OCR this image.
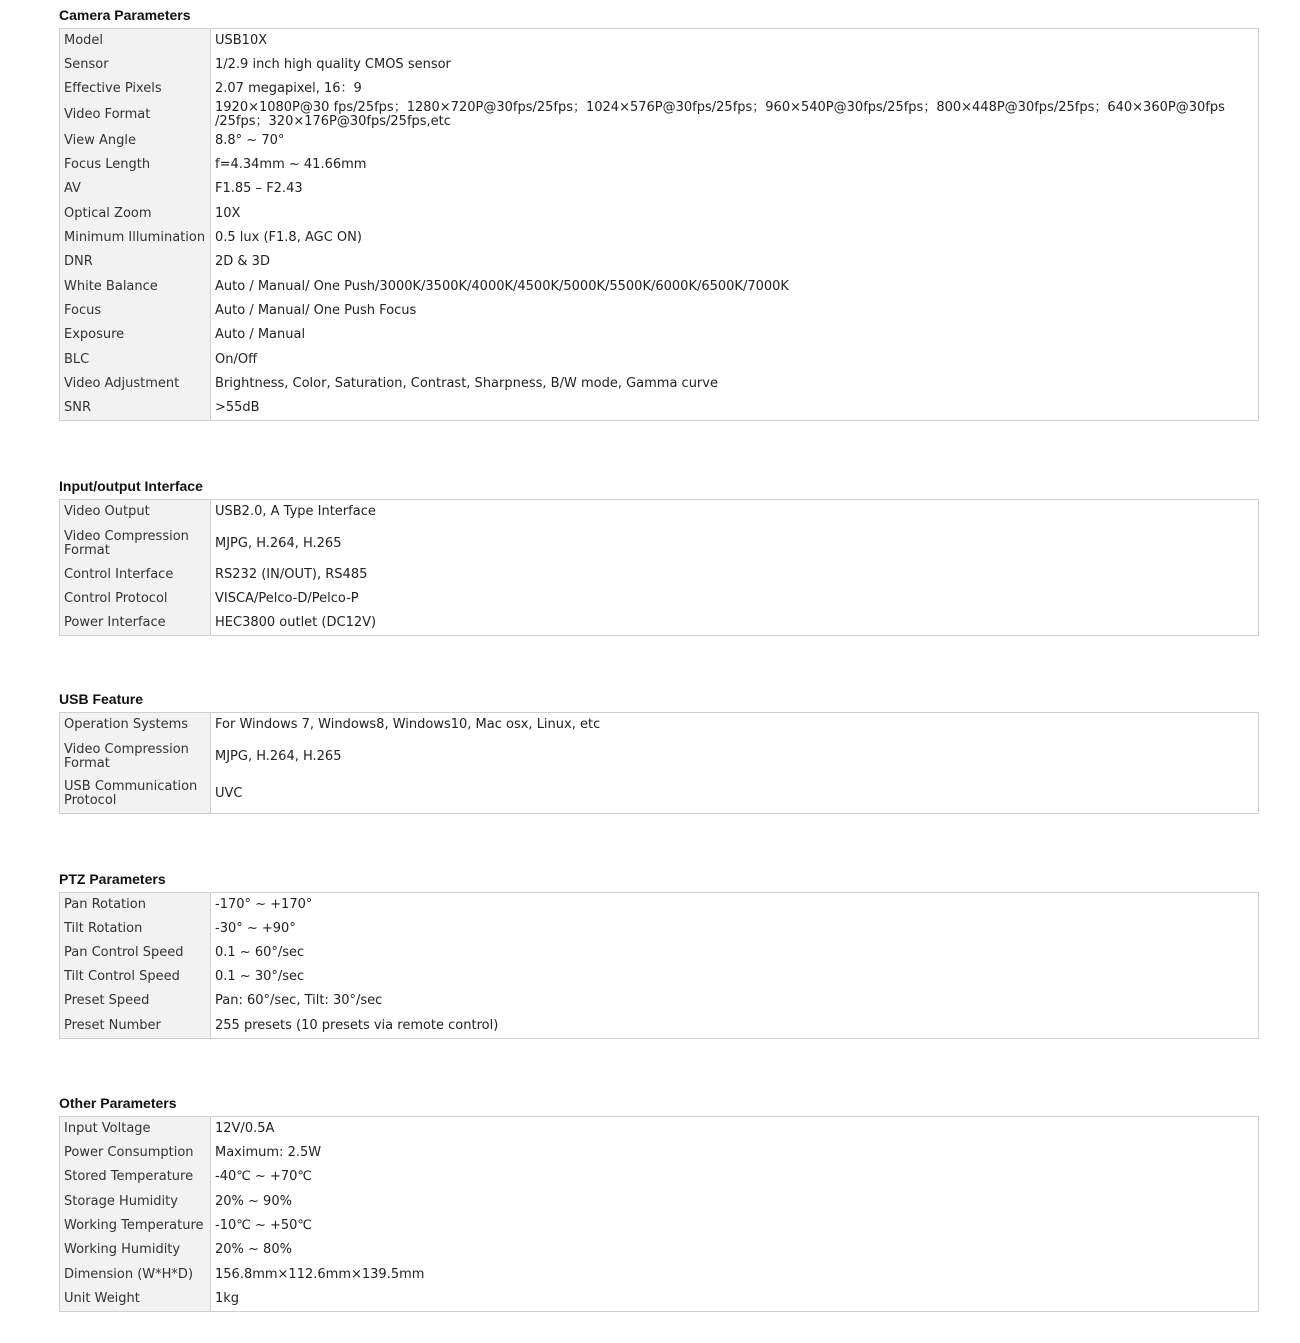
Camera Parameters
Model	USB10X
Sensor	1/2.9 inch high quality CMOS sensor
Effective Pixels	2.07 megapixel, 16：9
Video Format	1920×1080P@30 fps/25fps；1280×720P@30fps/25fps；1024×576P@30fps/25fps；960×540P@30fps/25fps；800×448P@30fps/25fps；640×360P@30fps /25fps；320×176P@30fps/25fps,etc
View Angle	8.8° ~ 70°
Focus Length	f=4.34mm ~ 41.66mm
AV	F1.85 – F2.43
Optical Zoom	10X
Minimum Illumination	0.5 lux (F1.8, AGC ON)
DNR	2D & 3D
White Balance	Auto / Manual/ One Push/3000K/3500K/4000K/4500K/5000K/5500K/6000K/6500K/7000K
Focus	Auto / Manual/ One Push Focus
Exposure	Auto / Manual
BLC	On/Off
Video Adjustment	Brightness, Color, Saturation, Contrast, Sharpness, B/W mode, Gamma curve
SNR	>55dB
Input/output Interface
Video Output	USB2.0, A Type Interface
Video Compression Format	MJPG, H.264, H.265
Control Interface	RS232 (IN/OUT), RS485
Control Protocol	VISCA/Pelco-D/Pelco-P
Power Interface	HEC3800 outlet (DC12V)
USB Feature
Operation Systems	For Windows 7, Windows8, Windows10, Mac osx, Linux, etc
Video Compression Format	MJPG, H.264, H.265
USB Communication Protocol	UVC
PTZ Parameters
Pan Rotation	-170° ~ +170°
Tilt Rotation	-30° ~ +90°
Pan Control Speed	0.1 ~ 60°/sec
Tilt Control Speed	0.1 ~ 30°/sec
Preset Speed	Pan: 60°/sec, Tilt: 30°/sec
Preset Number	255 presets (10 presets via remote control)
Other Parameters
Input Voltage	12V/0.5A
Power Consumption	Maximum: 2.5W
Stored Temperature	-40℃ ~ +70℃
Storage Humidity	20% ~ 90%
Working Temperature	-10℃ ~ +50℃
Working Humidity	20% ~ 80%
Dimension (W*H*D)	156.8mm×112.6mm×139.5mm
Unit Weight	1kg
